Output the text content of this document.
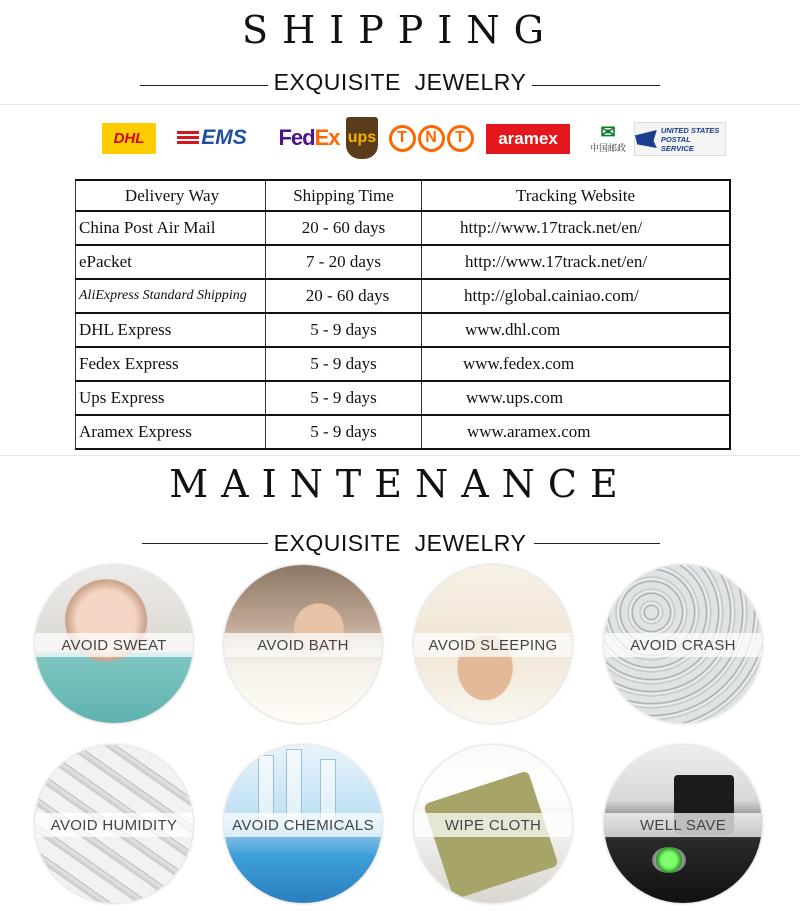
SHIPPING
EXQUISITE  JEWELRY
DHL	EMS Fed Ex ups	T	N	T	aramex ✉
中国邮政
UNITED STATES
POSTAL SERVICE
Delivery Way	Shipping Time	Tracking Website
China Post Air Mail	20 - 60 days	http://www.17track.net/en/
ePacket	7 - 20 days	http://www.17track.net/en/
AliExpress Standard Shipping	20 - 60 days	http://global.cainiao.com/
DHL Express	5 - 9 days	www.dhl.com
Fedex Express	5 - 9 days	www.fedex.com
Ups Express	5 - 9 days	www.ups.com
Aramex Express	5 - 9 days	www.aramex.com
MAINTENANCE
EXQUISITE  JEWELRY
AVOID SWEAT	AVOID BATH	AVOID SLEEPING	AVOID CRASH
AVOID HUMIDITY	AVOID CHEMICALS	WIPE CLOTH	WELL SAVE
